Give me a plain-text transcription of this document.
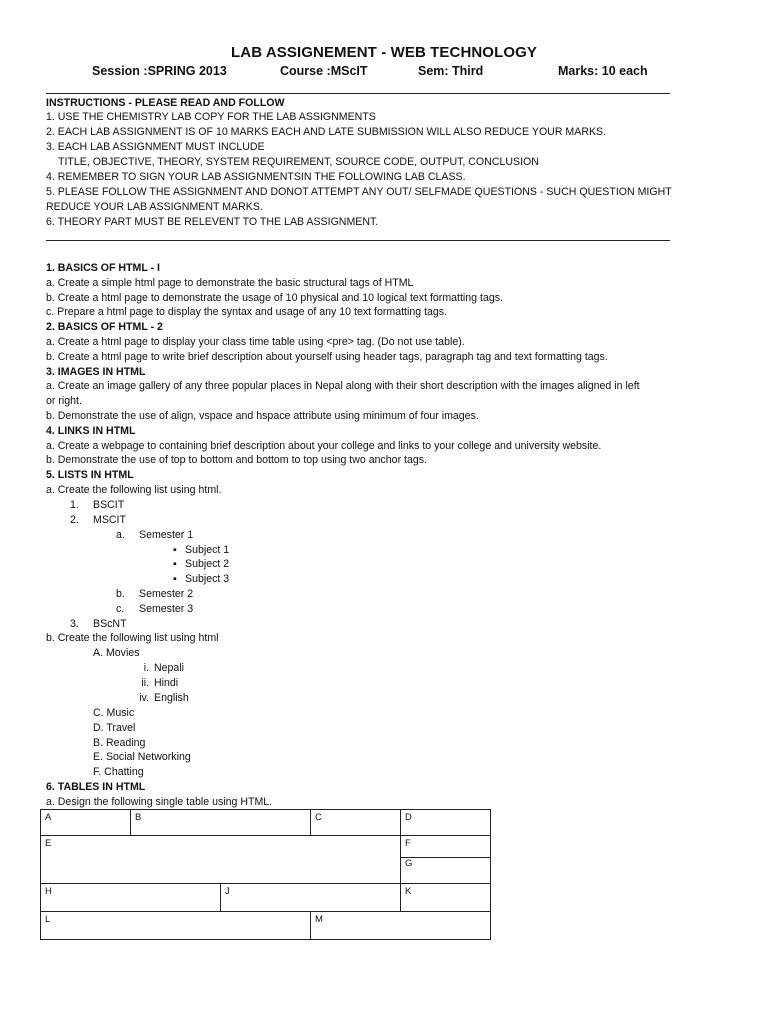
LAB ASSIGNEMENT - WEB TECHNOLOGY
Session :SPRING 2013	Course :MScIT	Sem: Third	Marks: 10 each
INSTRUCTIONS - PLEASE READ AND FOLLOW
1. USE THE CHEMISTRY LAB COPY FOR THE LAB ASSIGNMENTS
2. EACH LAB ASSIGNMENT IS OF 10 MARKS EACH AND LATE SUBMISSION WILL ALSO REDUCE YOUR MARKS.
3. EACH LAB ASSIGNMENT MUST INCLUDE
TITLE, OBJECTIVE, THEORY, SYSTEM REQUIREMENT, SOURCE CODE, OUTPUT, CONCLUSION
4. REMEMBER TO SIGN YOUR LAB ASSIGNMENTSIN THE FOLLOWING LAB CLASS.
5. PLEASE FOLLOW THE ASSIGNMENT AND DONOT ATTEMPT ANY OUT/ SELFMADE QUESTIONS - SUCH QUESTION MIGHT
REDUCE YOUR LAB ASSIGNMENT MARKS.
6. THEORY PART MUST BE RELEVENT TO THE LAB ASSIGNMENT.
1. BASICS OF HTML - I
a. Create a simple html page to demonstrate the basic structural tags of HTML
b. Create a html page to demonstrate the usage of 10 physical and 10 logical text formatting tags.
c. Prepare a html page to display the syntax and usage of any 10 text formatting tags.
2. BASICS OF HTML - 2
a. Create a html page to display your class time table using <pre> tag. (Do not use table).
b. Create a html page to write brief description about yourself using header tags, paragraph tag and text formatting tags.
3. IMAGES IN HTML
a. Create an image gallery of any three popular places in Nepal along with their short description with the images aligned in left
or right.
b. Demonstrate the use of align, vspace and hspace attribute using minimum of four images.
4. LINKS IN HTML
a. Create a webpage to containing brief description about your college and links to your college and university website.
b. Demonstrate the use of top to bottom and bottom to top using two anchor tags.
5. LISTS IN HTML
a. Create the following list using html.
1. BSCIT
2. MSCIT
a. Semester 1
▪ Subject 1
▪ Subject 2
▪ Subject 3
b. Semester 2
c. Semester 3
3. BScNT
b. Create the following list using html
A. Movies
i. Nepali
ii. Hindi
iv. English
C. Music
D. Travel
B. Reading
E. Social Networking
F. Chatting
6. TABLES IN HTML
a. Design the following single table using HTML.
A	B	C	D
E	F
G
H	J	K
L	M
